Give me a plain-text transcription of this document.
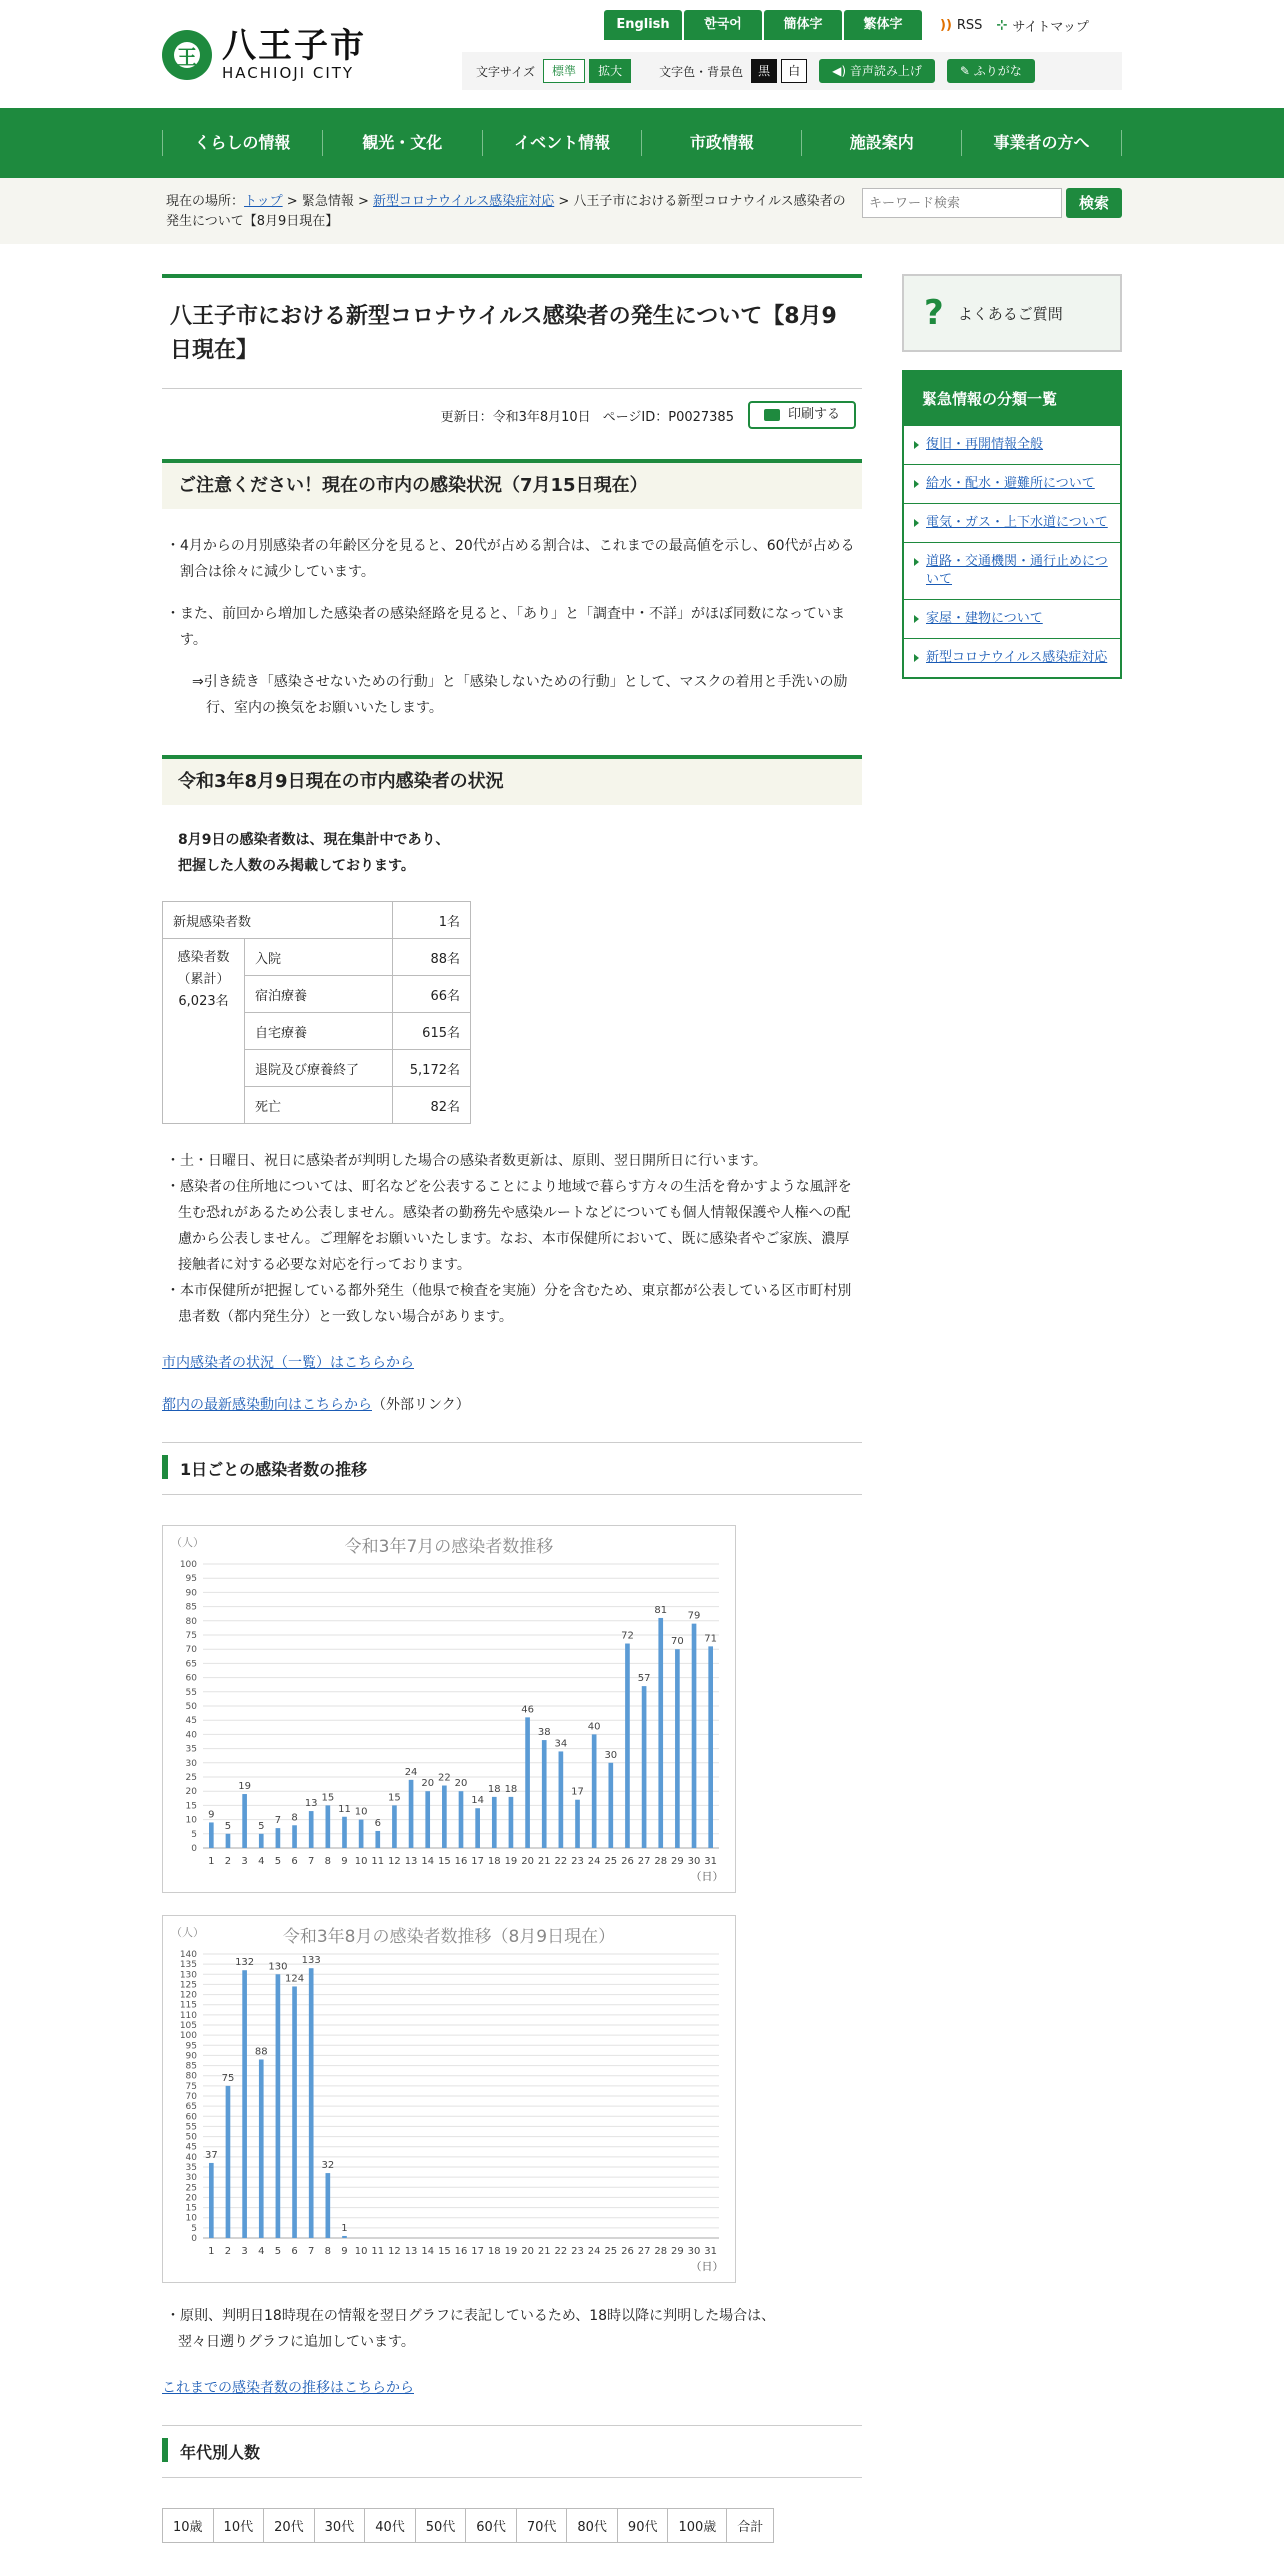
王
八王子市
HACHIOJI CITY
English	한국어	簡体字	繁体字	)) RSS ⊹ サイトマップ
文字サイズ	標準	拡大	文字色・背景色	黒	白	◀) 音声読み上げ	✎ ふりがな
くらしの情報	観光・文化	イベント情報	市政情報	施設案内	事業者の方へ
現在の場所：トップ > 緊急情報 > 新型コロナウイルス感染症対応 > 八王子市における新型コロナウイルス感染者の発生について【8月9日現在】
キーワード検索
検索
八王子市における新型コロナウイルス感染者の発生について【8月9日現在】
更新日：令和3年8月10日 ページID：P0027385	印刷する
ご注意ください！現在の市内の感染状況（7月15日現在）

・4月からの月別感染者の年齢区分を見ると、20代が占める割合は、これまでの最高値を示し、60代が占める割合は徐々に減少しています。

・また、前回から増加した感染者の感染経路を見ると、「あり」と「調査中・不詳」がほぼ同数になっています。

⇒引き続き「感染させないための行動」と「感染しないための行動」として、マスクの着用と手洗いの励行、室内の換気をお願いいたします。

令和3年8月9日現在の市内感染者の状況

8月9日の感染者数は、現在集計中であり、

把握した人数のみ掲載しております。

新規感染者数		1名

感染者数
（累計）
6,023名	入院	88名
	宿泊療養	66名
	自宅療養	615名
	退院及び療養終了	5,172名
	死亡	82名

・土・日曜日、祝日に感染者が判明した場合の感染者数更新は、原則、翌日開所日に行います。

・感染者の住所地については、町名などを公表することにより地域で暮らす方々の生活を脅かすような風評を生む恐れがあるため公表しません。感染者の勤務先や感染ルートなどについても個人情報保護や人権への配慮から公表しません。ご理解をお願いいたします。なお、本市保健所において、既に感染者やご家族、濃厚接触者に対する必要な対応を行っております。

・本市保健所が把握している都外発生（他県で検査を実施）分を含むため、東京都が公表している区市町村別患者数（都内発生分）と一致しない場合があります。

市内感染者の状況（一覧）はこちらから

都内の最新感染動向はこちらから（外部リンク）

1日ごとの感染者数の推移
令和3年7月の感染者数推移
（人）
0
5
10
15
20
25
30
35
40
45
50
55
60
65
70
75
80
85
90
95
100
1
9
2
5
3
19
4
5
5
7
6
8
7
13
8
15
9
11
10
10
11
6
12
15
13
24
14
20
15
22
16
20
17
14
18
18
19
18
20
46
21
38
22
34
23
17
24
40
25
30
26
72
27
57
28
81
29
70
30
79
31
71
（日）
令和3年8月の感染者数推移（8月9日現在）
（人）
0
5
10
15
20
25
30
35
40
45
50
55
60
65
70
75
80
85
90
95
100
105
110
115
120
125
130
135
140
1
37
2
75
3
132
4
88
5
130
6
124
7
133
8
32
9
1
10 11 12 13 14 15 16 17 18 19 20 21 22 23 24 25 26 27 28 29 30 31
（日）

・原則、判明日18時現在の情報を翌日グラフに表記しているため、18時以降に判明した場合は、

翌々日遡りグラフに追加しています。

これまでの感染者数の推移はこちらから

年代別人数
10歳	10代	20代	30代	40代	50代	60代	70代	80代	90代	100歳	合計
? よくあるご質問
緊急情報の分類一覧
復旧・再開情報全般
給水・配水・避難所について
電気・ガス・上下水道について
道路・交通機関・通行止めについて
家屋・建物について
新型コロナウイルス感染症対応
